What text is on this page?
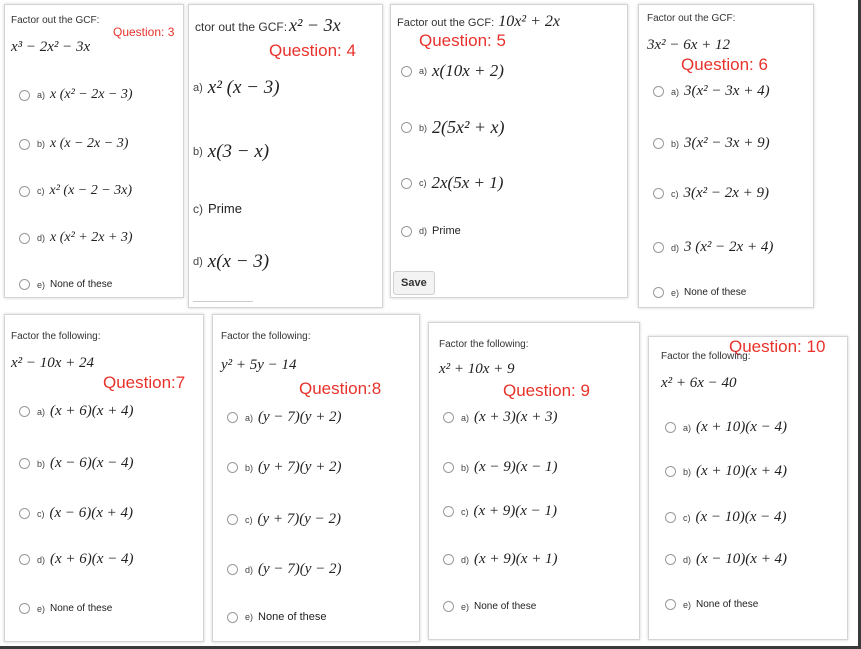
Factor out the GCF:
Question: 3
x³ − 2x² − 3x
a) x (x² − 2x − 3)
b) x (x − 2x − 3)
c) x² (x − 2 − 3x)
d) x (x² + 2x + 3)
e) None of these
ctor out the GCF: x² − 3x
Question: 4
a) x² (x − 3)
b) x(3 − x)
c) Prime
d) x(x − 3)
Factor out the GCF: 10x² + 2x
Question: 5
a) x(10x + 2)
b) 2(5x² + x)
c) 2x(5x + 1)
d) Prime
Save
Factor out the GCF:
3x² − 6x + 12
Question: 6
a) 3(x² − 3x + 4)
b) 3(x² − 3x + 9)
c) 3(x² − 2x + 9)
d) 3 (x² − 2x + 4)
e) None of these
Factor the following:
x² − 10x + 24
Question:7
a) (x + 6)(x + 4)
b) (x − 6)(x − 4)
c) (x − 6)(x + 4)
d) (x + 6)(x − 4)
e) None of these
Factor the following:
y² + 5y − 14
Question:8
a) (y − 7)(y + 2)
b) (y + 7)(y + 2)
c) (y + 7)(y − 2)
d) (y − 7)(y − 2)
e) None of these
Factor the following:
x² + 10x + 9
Question: 9
a) (x + 3)(x + 3)
b) (x − 9)(x − 1)
c) (x + 9)(x − 1)
d) (x + 9)(x + 1)
e) None of these
Question: 10
Factor the following:
x² + 6x − 40
a) (x + 10)(x − 4)
b) (x + 10)(x + 4)
c) (x − 10)(x − 4)
d) (x − 10)(x + 4)
e) None of these
